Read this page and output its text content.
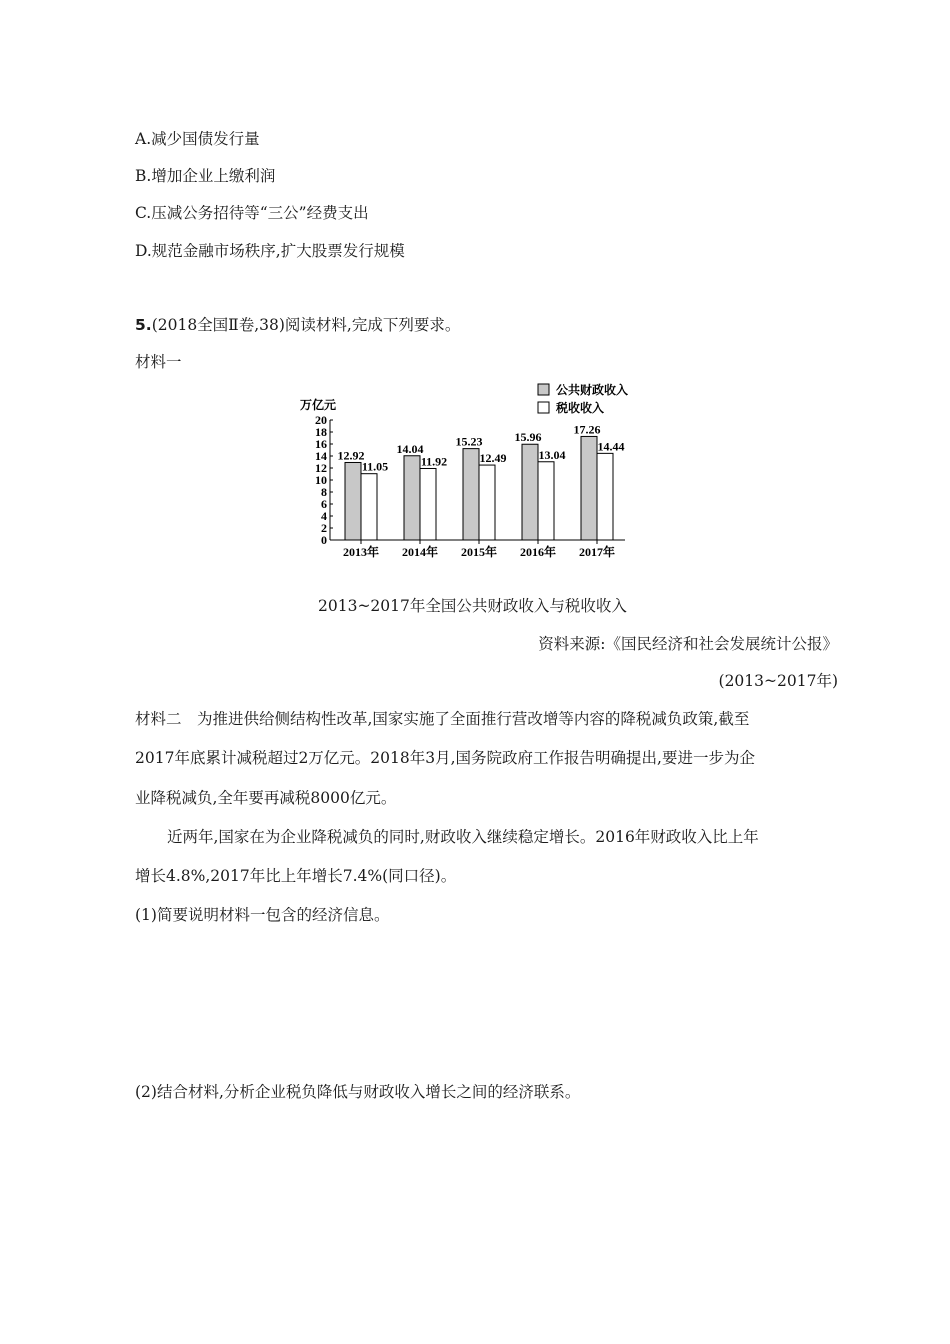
A.减少国债发行量
B.增加企业上缴利润
C.压减公务招待等“三公”经费支出
D.规范金融市场秩序,扩大股票发行规模
5.(2018全国Ⅱ卷,38)阅读材料,完成下列要求。
材料一
0
2
4
6
8
10
12
14
16
18
20
万亿元
12.92
11.05
2013年
14.04
11.92
2014年
15.23
12.49
2015年
15.96
13.04
2016年
17.26
14.44
2017年
公共财政收入
税收收入
2013~2017年全国公共财政收入与税收收入
资料来源:《国民经济和社会发展统计公报》
(2013~2017年)
材料二　为推进供给侧结构性改革,国家实施了全面推行营改增等内容的降税减负政策,截至
2017年底累计减税超过2万亿元。2018年3月,国务院政府工作报告明确提出,要进一步为企
业降税减负,全年要再减税8000亿元。
近两年,国家在为企业降税减负的同时,财政收入继续稳定增长。2016年财政收入比上年
增长4.8%,2017年比上年增长7.4%(同口径)。
(1)简要说明材料一包含的经济信息。
(2)结合材料,分析企业税负降低与财政收入增长之间的经济联系。
